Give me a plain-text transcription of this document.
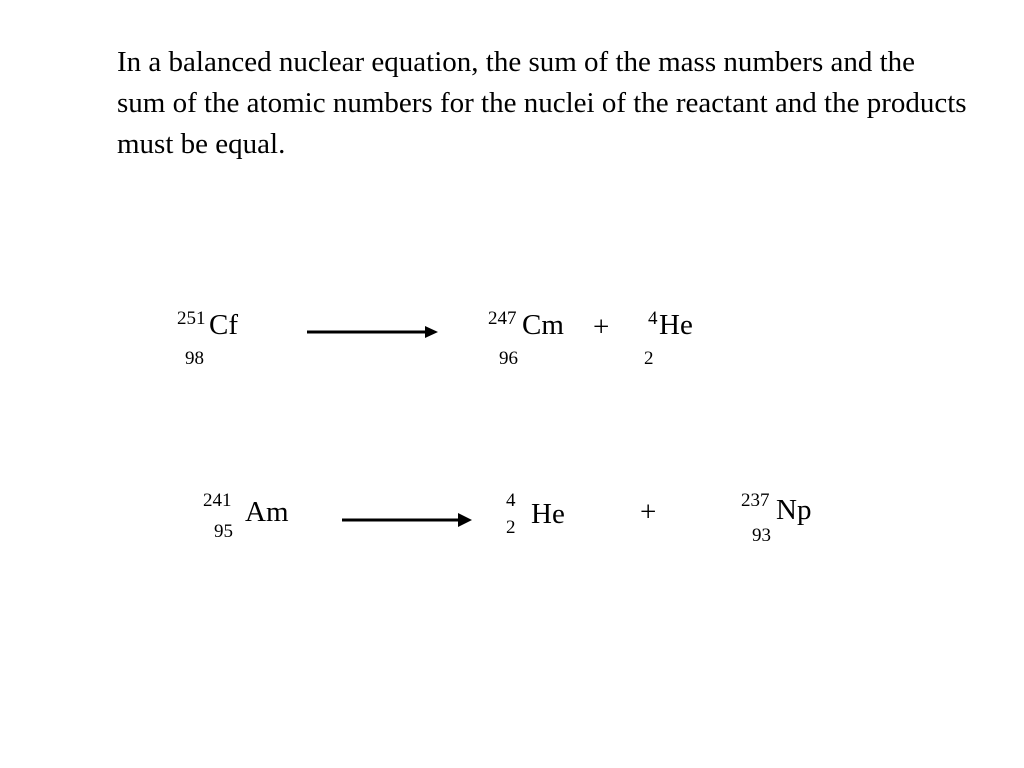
In a balanced nuclear equation, the sum of the mass numbers and the sum of the atomic numbers for the nuclei of the reactant and the products must be equal.

251 Cf
98
247 Cm
96
+ 4 He
2
241 Am
95
4 He
2	+	237 Np
93
